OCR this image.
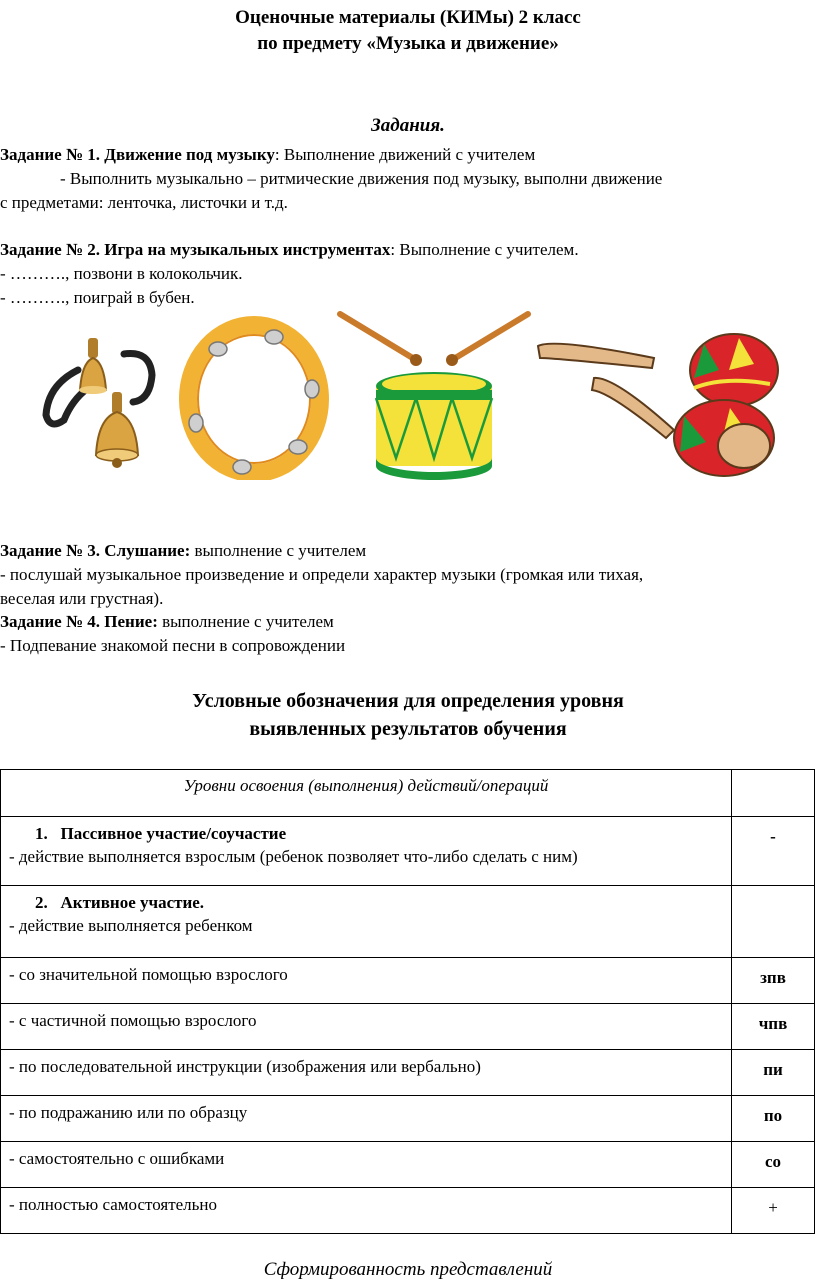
Оценочные материалы (КИМы) 2 класс
по предмету «Музыка и движение»
Задания.
Задание № 1. Движение под музыку: Выполнение движений с учителем
- Выполнить музыкально – ритмические движения под музыку, выполни движение
с предметами: ленточка, листочки и т.д.
Задание № 2. Игра на музыкальных инструментах: Выполнение с учителем.
- ………., позвони в колокольчик.
- ………., поиграй в бубен.
Задание № 3. Слушание: выполнение с учителем
- послушай музыкальное произведение и определи характер музыки (громкая или тихая,
веселая или грустная).
Задание № 4. Пение: выполнение с учителем
- Подпевание знакомой песни в сопровождении
Условные обозначения для определения уровня
выявленных результатов обучения
Уровни освоения (выполнения) действий/операций	

1. Пассивное участие/соучастие
- действие выполняется взрослым (ребенок позволяет что-либо сделать с ним)	-

2. Активное участие.
- действие выполняется ребенком	

- со значительной помощью взрослого	зпв

- с частичной помощью взрослого	чпв

- по последовательной инструкции (изображения или вербально)	пи

- по подражанию или по образцу	по

- самостоятельно с ошибками	со

- полностью самостоятельно	+
Сформированность представлений
